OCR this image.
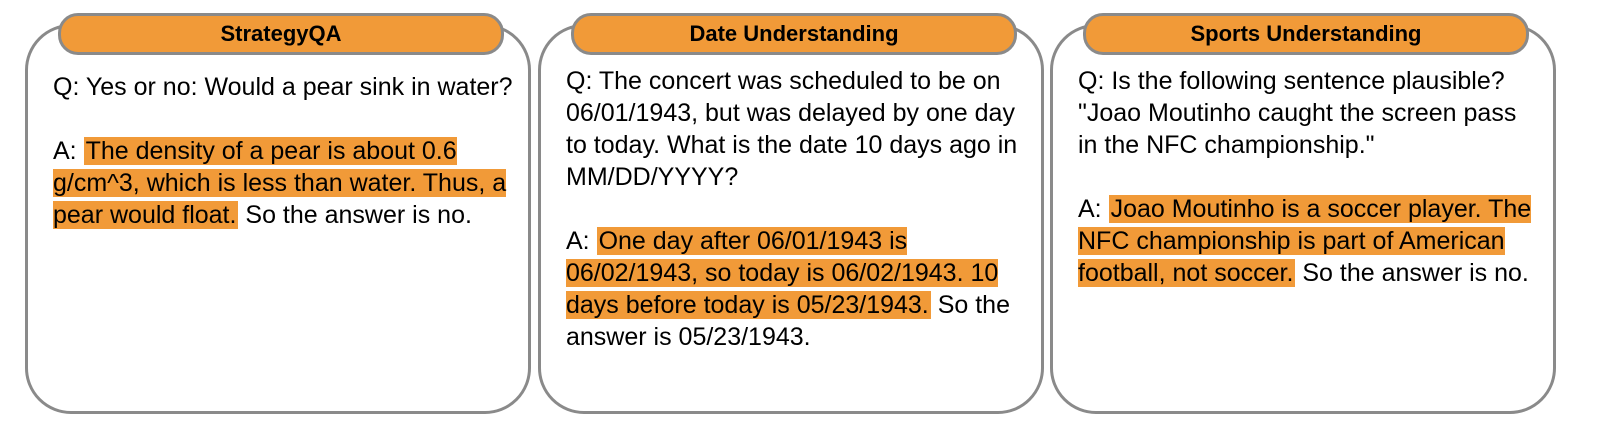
StrategyQA

Q: Yes or no: Would a pear sink in water?

A: The density of a pear is about 0.6 g/cm^3, which is less than water. Thus, a pear would float. So the answer is no.

Date Understanding

Q: The concert was scheduled to be on 06/01/1943, but was delayed by one day to today. What is the date 10 days ago in MM/DD/YYYY?

A: One day after 06/01/1943 is 06/02/1943, so today is 06/02/1943. 10 days before today is 05/23/1943. So the answer is 05/23/1943.

Sports Understanding

Q: Is the following sentence plausible? "Joao Moutinho caught the screen pass in the NFC championship."

A: Joao Moutinho is a soccer player. The NFC championship is part of American football, not soccer. So the answer is no.
